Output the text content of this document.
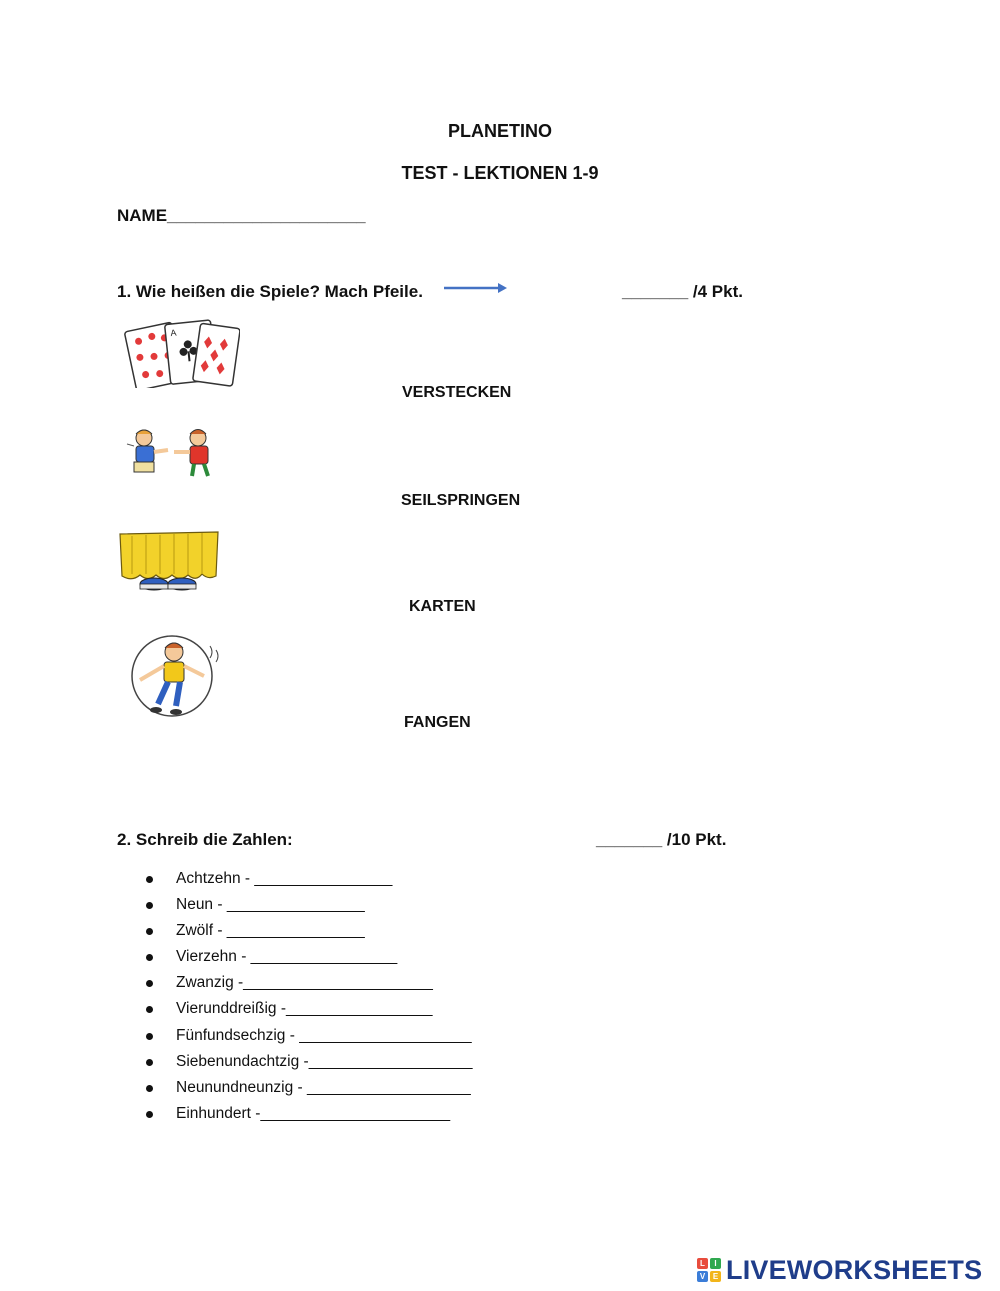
PLANETINO
TEST - LEKTIONEN 1-9
NAME_____________________
1. Wie heißen die Spiele? Mach Pfeile.	_______ /4 Pkt.
A
VERSTECKEN
SEILSPRINGEN
KARTEN
FANGEN
2. Schreib die Zahlen:	_______ /10 Pkt.
Achtzehn - ________________
Neun - ________________
Zwölf - ________________
Vierzehn - _________________
Zwanzig -______________________
Vierunddreißig -_________________
Fünfundsechzig - ____________________
Siebenundachtzig -___________________
Neunundneunzig - ___________________
Einhundert -______________________
L	I
V E LIVEWORKSHEETS
